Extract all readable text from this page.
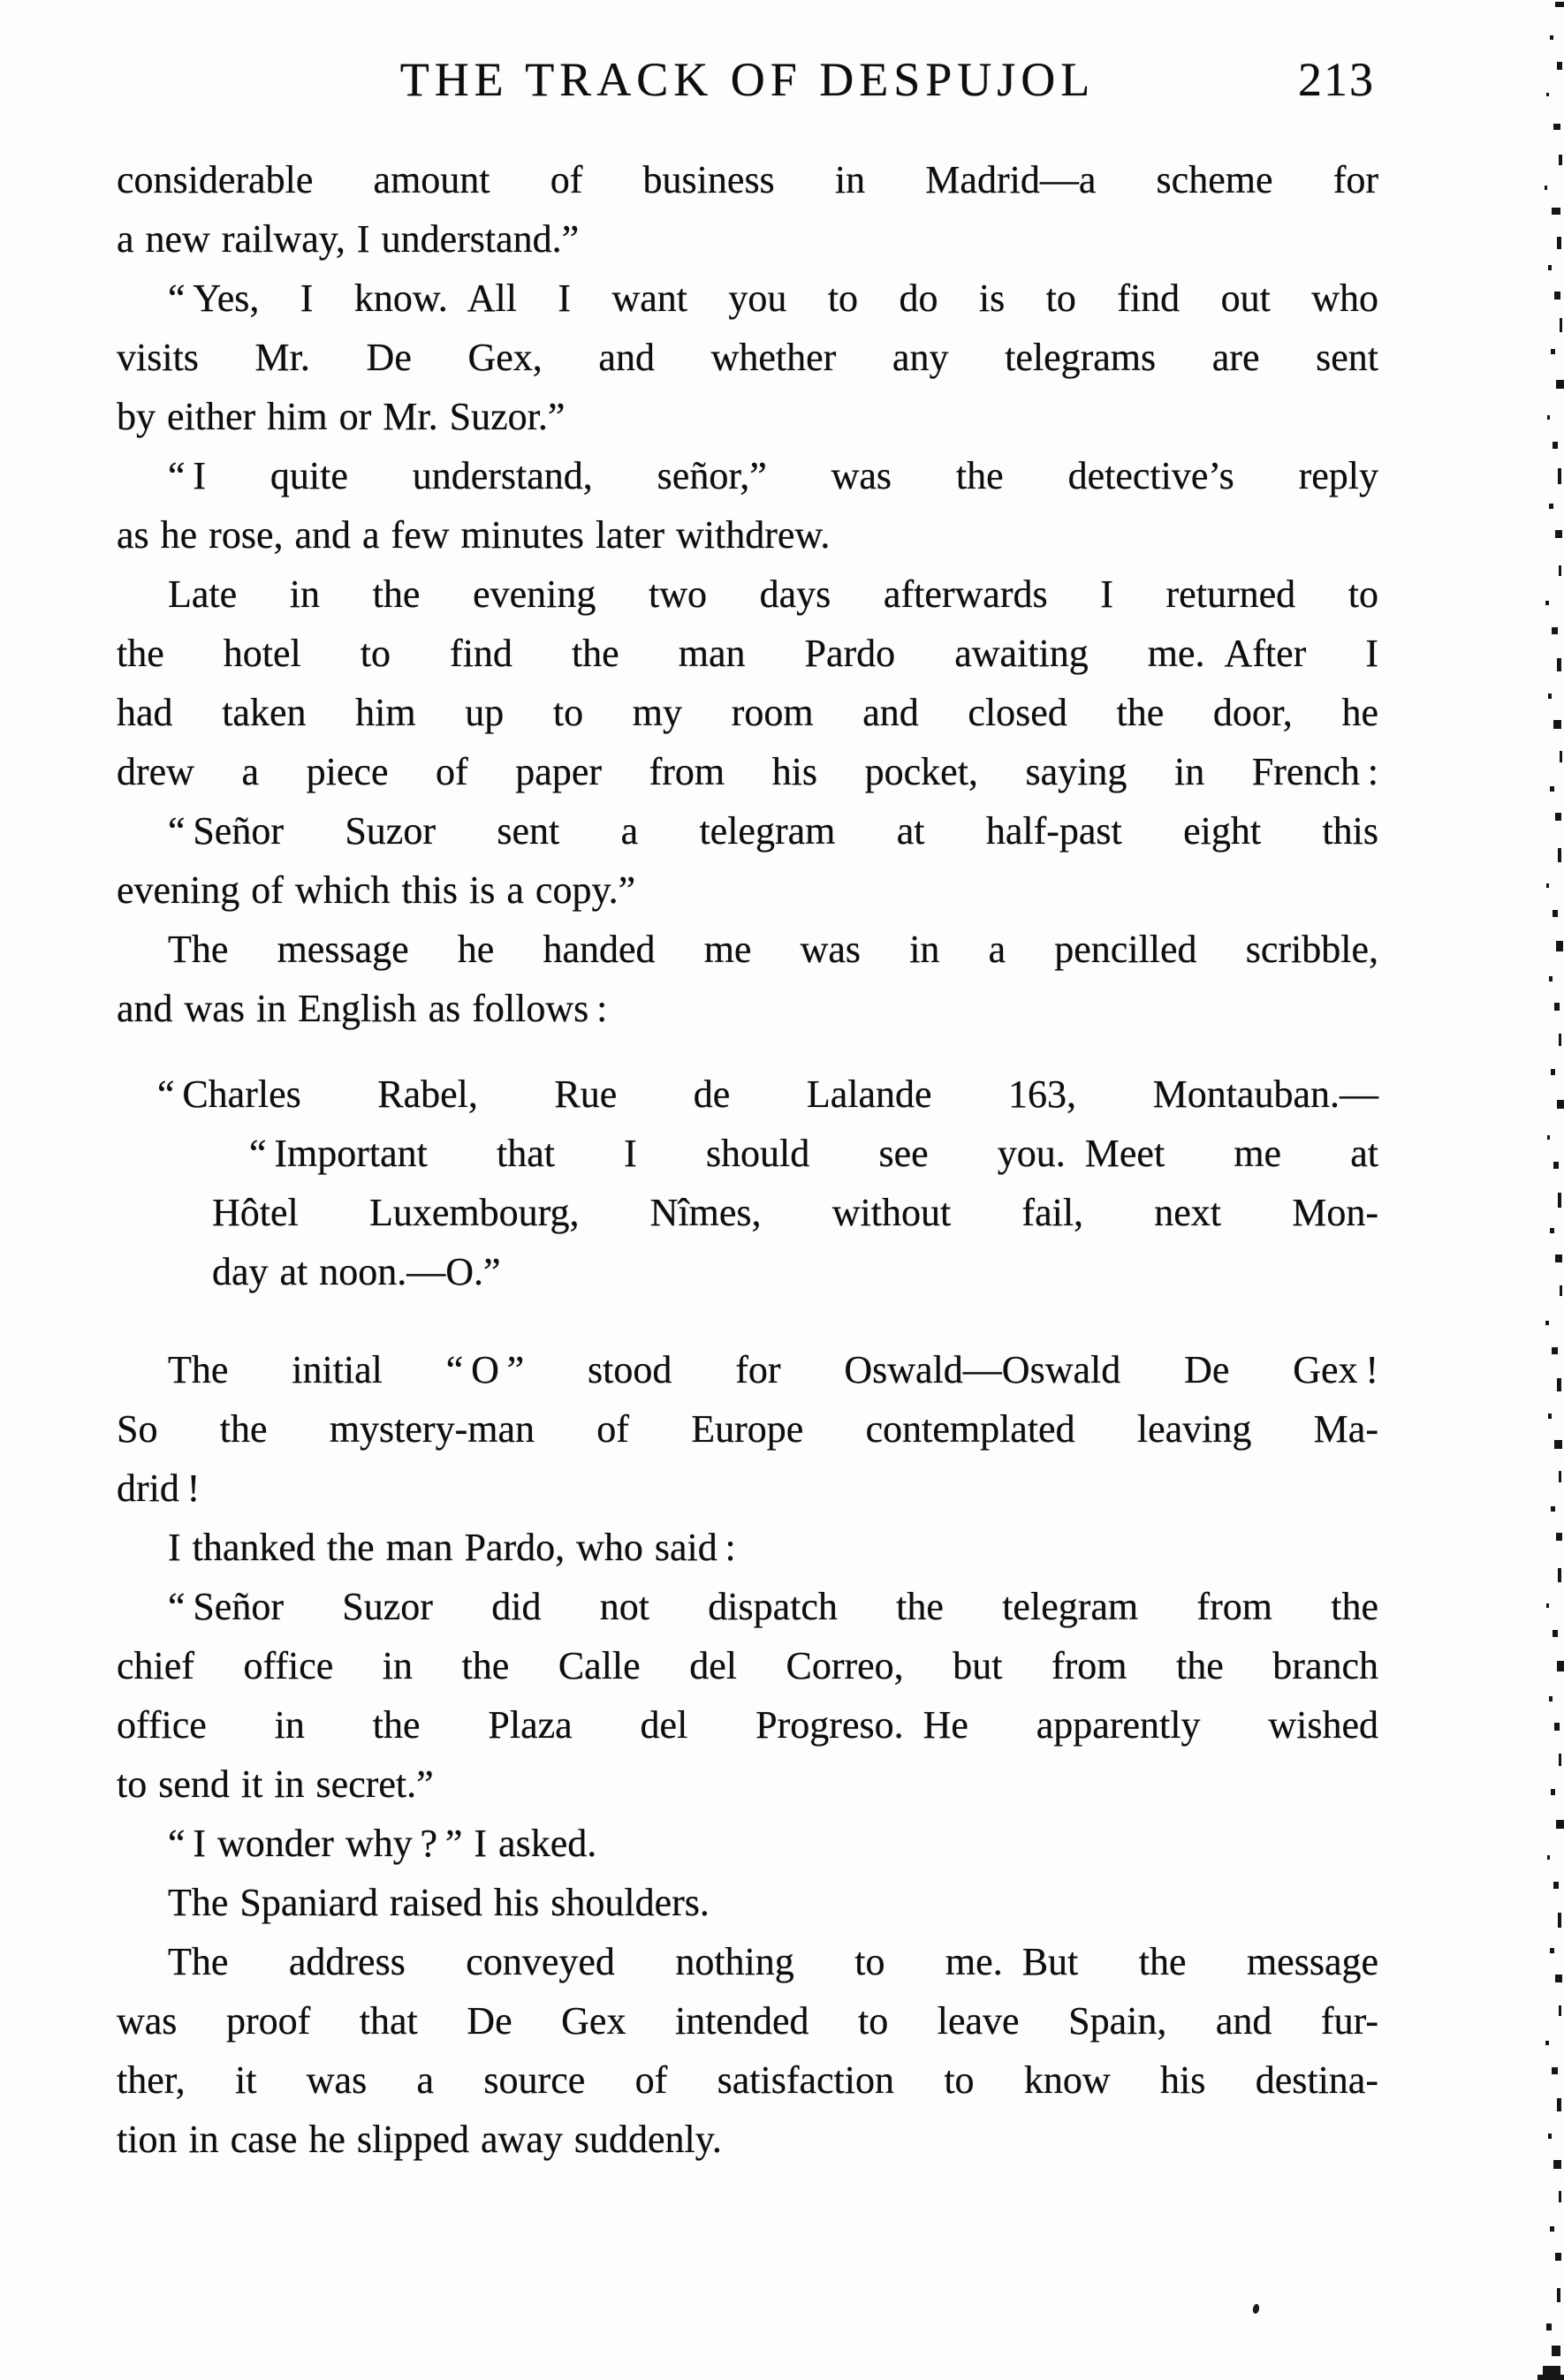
THE TRACK OF DESPUJOL	213
considerable amount of business in Madrid—a scheme for
a new railway, I understand.”
“ Yes, I know. All I want you to do is to find out who
visits Mr. De Gex, and whether any telegrams are sent
by either him or Mr. Suzor.”
“ I quite understand, señor,” was the detective’s reply
as he rose, and a few minutes later withdrew.
Late in the evening two days afterwards I returned to
the hotel to find the man Pardo awaiting me. After I
had taken him up to my room and closed the door, he
drew a piece of paper from his pocket, saying in French :
“ Señor Suzor sent a telegram at half-past eight this
evening of which this is a copy.”
The message he handed me was in a pencilled scribble,
and was in English as follows :
“ Charles Rabel, Rue de Lalande 163, Montauban.—
“ Important that I should see you. Meet me at
Hôtel Luxembourg, Nîmes, without fail, next Mon-
day at noon.—O.”
The initial “ O ” stood for Oswald—Oswald De Gex !
So the mystery-man of Europe contemplated leaving Ma-
drid !
I thanked the man Pardo, who said :
“ Señor Suzor did not dispatch the telegram from the
chief office in the Calle del Correo, but from the branch
office in the Plaza del Progreso. He apparently wished
to send it in secret.”
“ I wonder why ? ” I asked.
The Spaniard raised his shoulders.
The address conveyed nothing to me. But the message
was proof that De Gex intended to leave Spain, and fur-
ther, it was a source of satisfaction to know his destina-
tion in case he slipped away suddenly.
